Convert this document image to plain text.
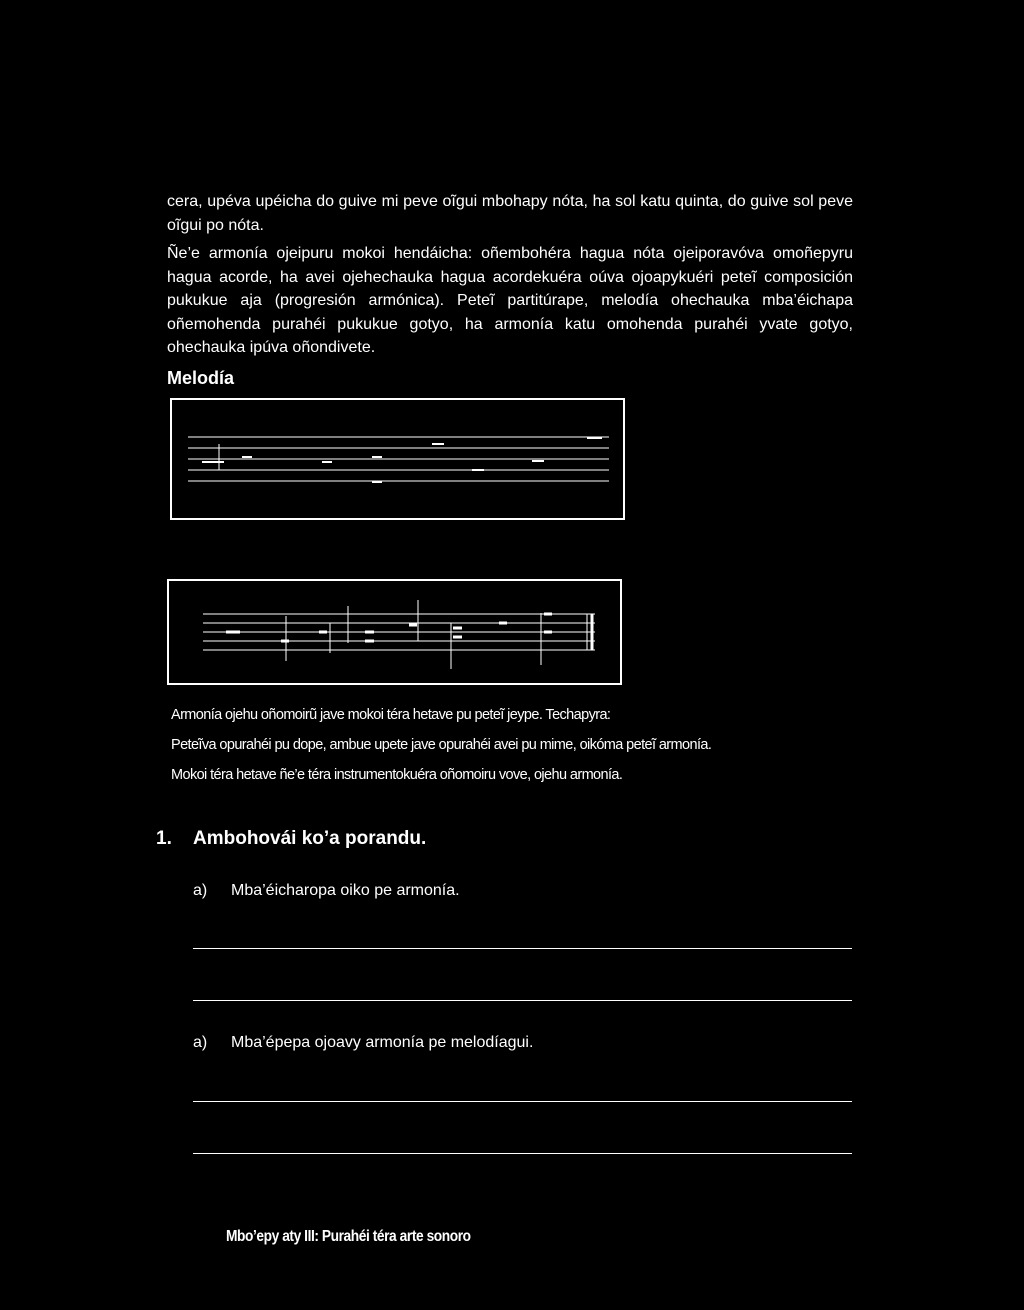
cera, upéva upéicha do guive mi peve oĩgui mbohapy nóta, ha sol katu quinta, do guive sol peve oĩgui po nóta.

Ñe’e armonía ojeipuru mokoi hendáicha: oñembohéra hagua nóta ojeiporavóva omoñepyru hagua acorde, ha avei ojehechauka hagua acordekuéra oúva ojoapykuéri peteĩ composición pukukue aja (progresión armónica). Peteĩ partitúrape, melodía ohechauka mba’éichapa oñemohenda purahéi pukukue gotyo, ha armonía katu omohenda purahéi yvate gotyo, ohechauka ipúva oñondivete.

Melodía

Armonía ojehu oñomoirũ jave mokoi téra hetave pu peteĩ jeype. Techapyra:

Peteĩva opurahéi pu dope, ambue upete jave opurahéi avei pu mime, oikóma peteĩ armonía.

Mokoi téra hetave ñe’e téra instrumentokuéra oñomoiru vove, ojehu armonía.

1. Ambohovái ko’a porandu.

a) Mba’éicharopa oiko pe armonía.

a) Mba’épepa ojoavy armonía pe melodíagui.

Mbo’epy aty III: Purahéi téra arte sonoro
